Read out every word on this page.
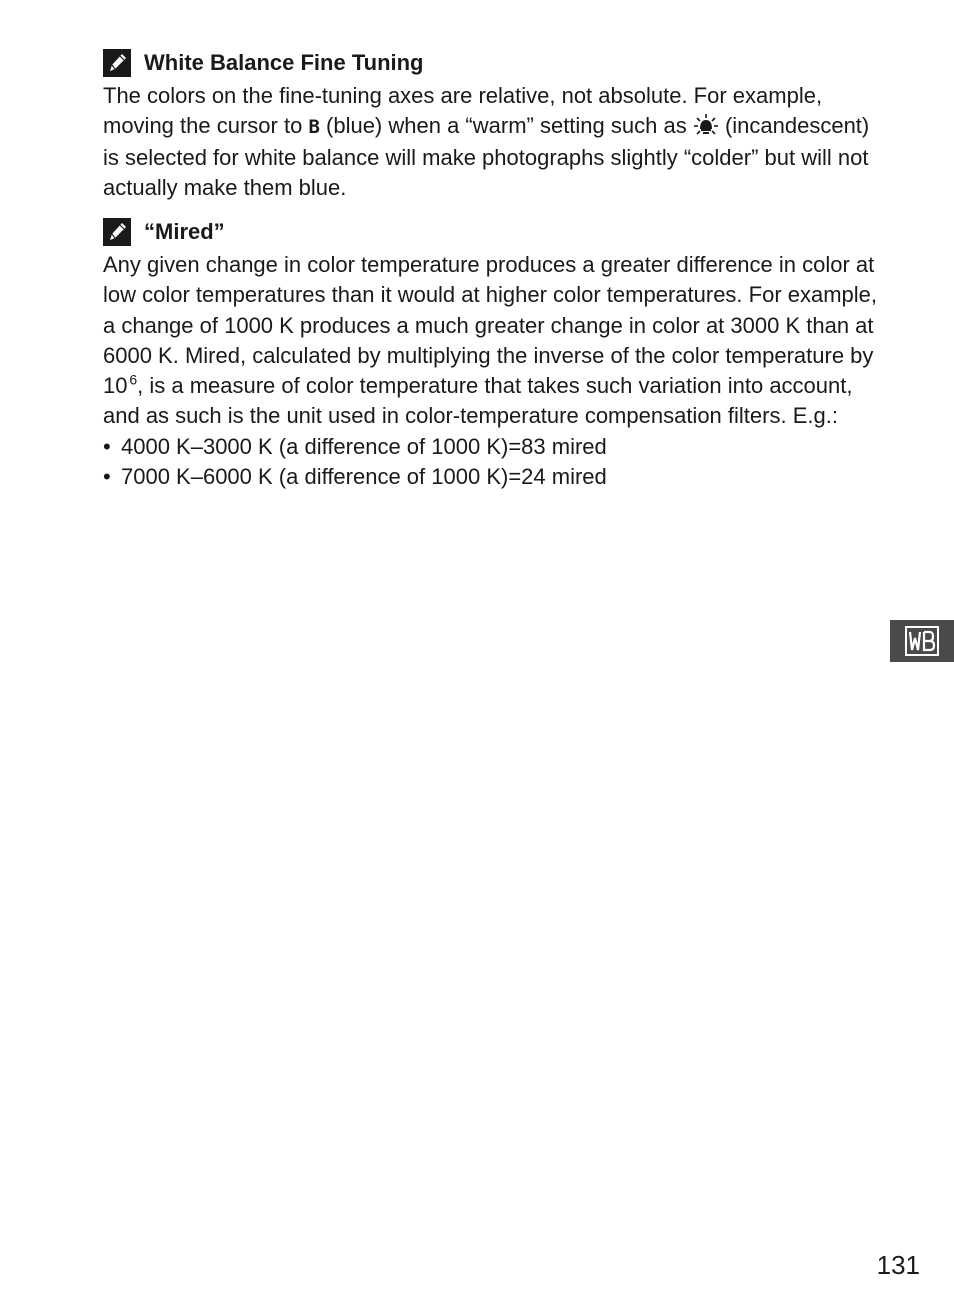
White Balance Fine Tuning

The colors on the fine-tuning axes are relative, not absolute. For example, moving the cursor to B (blue) when a “warm” setting such as  (incandescent) is selected for white balance will make photographs slightly “colder” but will not actually make them blue.

“Mired”

Any given change in color temperature produces a greater difference in color at low color temperatures than it would at higher color temperatures. For example, a change of 1000 K produces a much greater change in color at 3000 K than at 6000 K. Mired, calculated by multiplying the inverse of the color temperature by 10  $^6$, is a measure of color temperature that takes such variation into account, and as such is the unit used in color-temperature compensation filters. E.g.:

• 4000 K–3000 K (a difference of 1000 K)=83 mired
• 7000 K–6000 K (a difference of 1000 K)=24 mired
131
